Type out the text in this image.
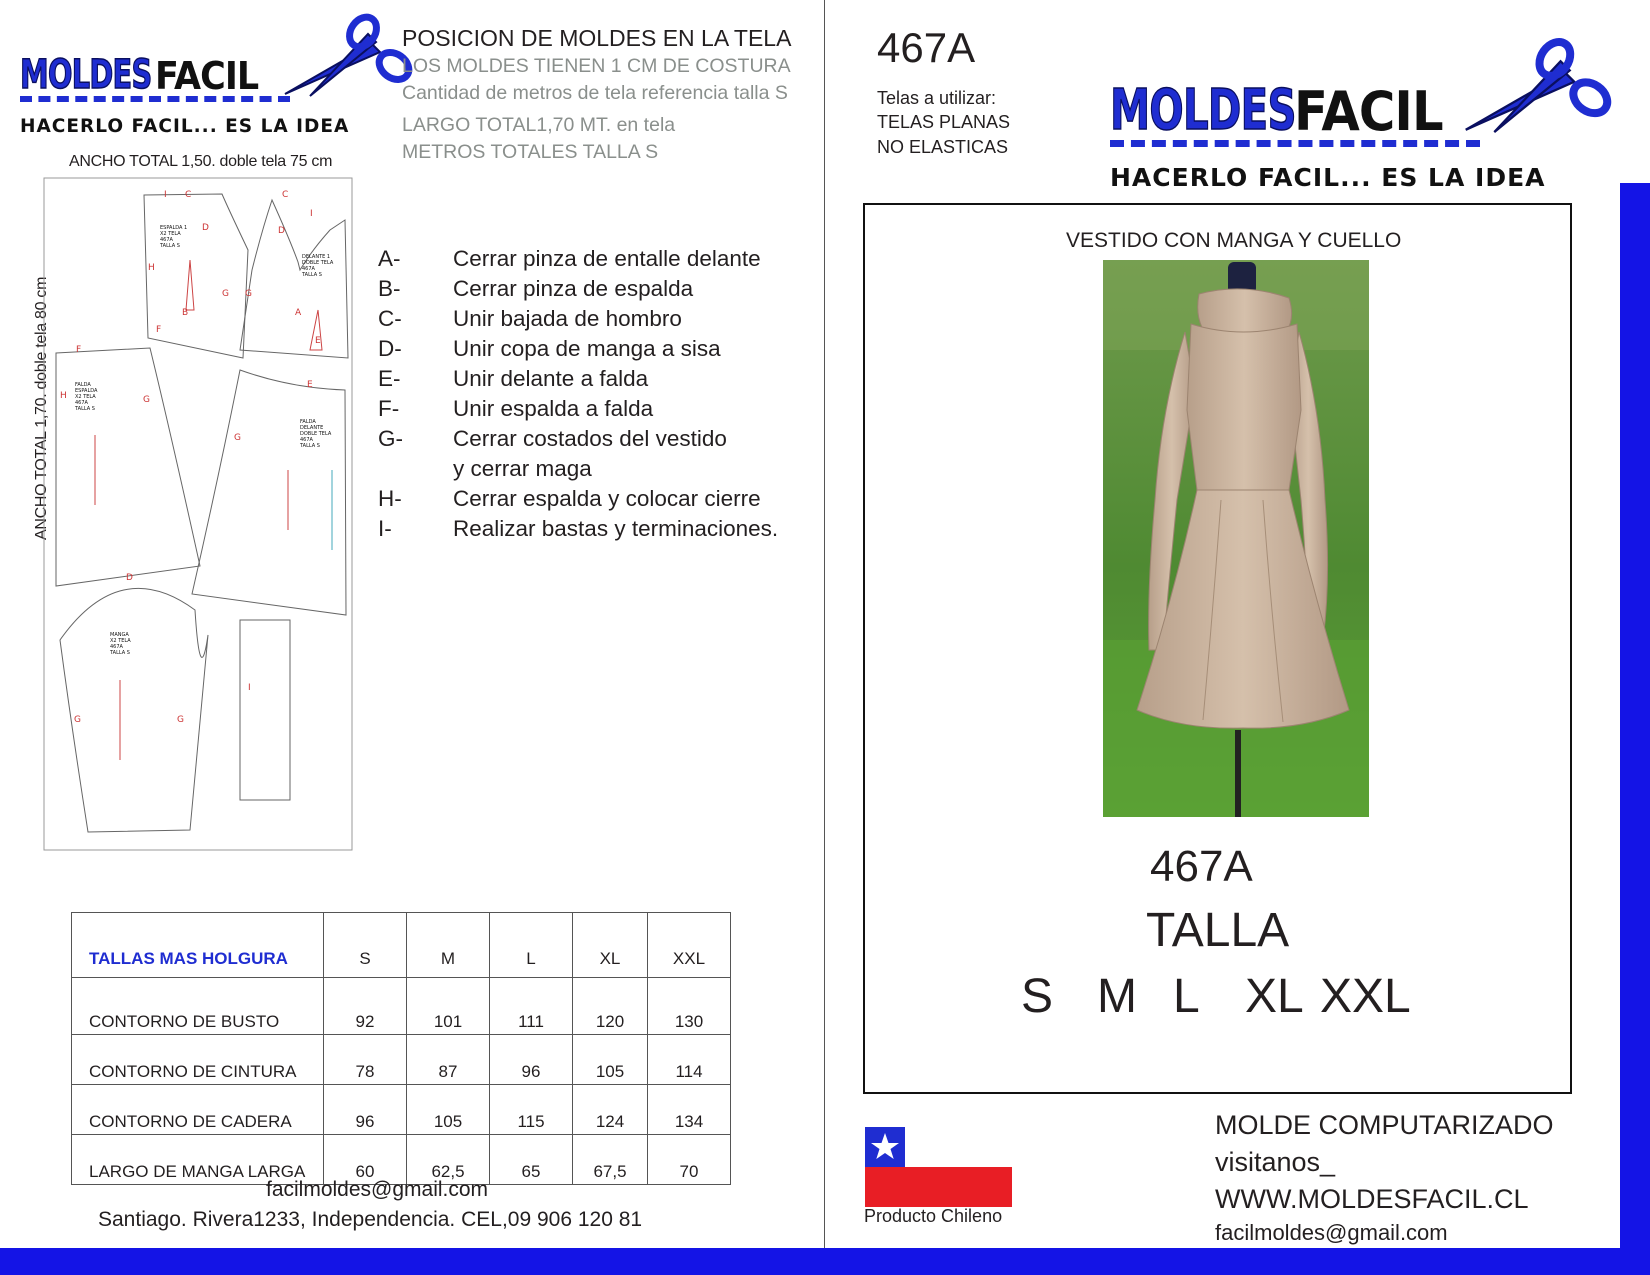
MOLDES FACIL
HACERLO FACIL... ES LA IDEA
POSICION DE MOLDES EN LA TELA
LOS MOLDES TIENEN 1 CM DE COSTURA
Cantidad de metros de tela referencia talla S
LARGO TOTAL1,70 MT. en tela
METROS TOTALES TALLA S
ANCHO TOTAL 1,50. doble tela 75 cm
ANCHO TOTAL 1,70. doble tela 80 cm
I C
D
H
B
G G
F
C
I
D
A
E
F
H	G
E
G
D
G	G
I
ESPALDA 1
X2 TELA
467A
TALLA S
DELANTE 1
DOBLE TELA
467A
TALLA S
FALDA
ESPALDA
X2 TELA
467A
TALLA S
FALDA
DELANTE
DOBLE TELA
467A
TALLA S
MANGA
X2 TELA
467A
TALLA S
A-	Cerrar pinza de entalle delante
B-	Cerrar pinza de espalda
C-	Unir bajada de hombro
D-	Unir copa de manga a sisa
E-	Unir delante a falda
F-	Unir espalda a falda
G-	Cerrar costados del vestido
y cerrar maga
H-	Cerrar espalda y colocar cierre
I-	Realizar bastas y terminaciones.
TALLAS MAS HOLGURA	S	M	L	XL	XXL
CONTORNO DE BUSTO	92	101	111	120	130
CONTORNO DE CINTURA	78	87	96	105	114
CONTORNO DE CADERA	96	105	115	124	134
LARGO DE MANGA LARGA	60	62,5	65	67,5	70
facilmoldes@gmail.com
Santiago. Rivera1233, Independencia. CEL,09 906 120 81
467A
Telas a utilizar:
TELAS PLANAS
NO ELASTICAS
MOLDES
FACIL
HACERLO FACIL... ES LA IDEA
VESTIDO CON MANGA Y CUELLO
467A
TALLA
S M L XL XXL
Producto Chileno
MOLDE COMPUTARIZADO
visitanos_
WWW.MOLDESFACIL.CL
facilmoldes@gmail.com
